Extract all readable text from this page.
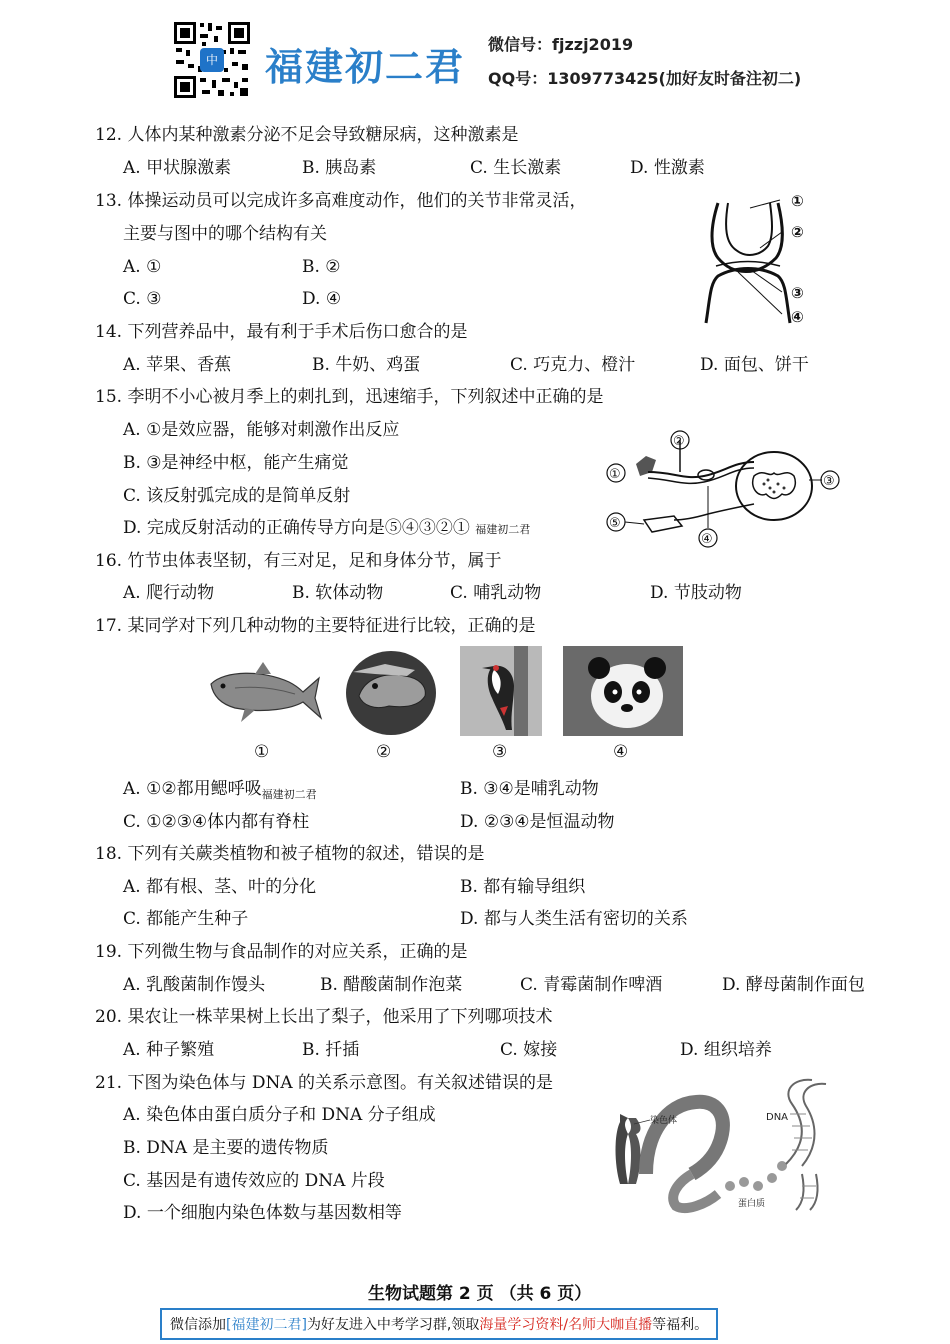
中 福建初二君
微信号：fjzzj2019
QQ号：1309773425(加好友时备注初二)
12. 人体内某种激素分泌不足会导致糖尿病，这种激素是
A. 甲状腺激素	B. 胰岛素	C. 生长激素	D. 性激素
13. 体操运动员可以完成许多高难度动作，他们的关节非常灵活，
主要与图中的哪个结构有关
A. ①	B. ②
C. ③	D. ④
①
②
③
④
14. 下列营养品中，最有利于手术后伤口愈合的是
A. 苹果、香蕉	B. 牛奶、鸡蛋	C. 巧克力、橙汁	D. 面包、饼干
15. 李明不小心被月季上的刺扎到，迅速缩手，下列叙述中正确的是
A. ①是效应器，能够对刺激作出反应
B. ③是神经中枢，能产生痛觉
C. 该反射弧完成的是简单反射
D. 完成反射活动的正确传导方向是⑤④③②① 福建初二君
①
②
③
④
⑤
16. 竹节虫体表坚韧，有三对足，足和身体分节，属于
A. 爬行动物	B. 软体动物	C. 哺乳动物	D. 节肢动物
17. 某同学对下列几种动物的主要特征进行比较，正确的是
①	②	③	④
A. ①②都用鳃呼吸$_{福建初二君}$	B. ③④是哺乳动物
C. ①②③④体内都有脊柱	D. ②③④是恒温动物
18. 下列有关蕨类植物和被子植物的叙述，错误的是
A. 都有根、茎、叶的分化	B. 都有输导组织
C. 都能产生种子	D. 都与人类生活有密切的关系
19. 下列微生物与食品制作的对应关系，正确的是
A. 乳酸菌制作馒头	B. 醋酸菌制作泡菜	C. 青霉菌制作啤酒	D. 酵母菌制作面包
20. 果农让一株苹果树上长出了梨子，他采用了下列哪项技术
A. 种子繁殖	B. 扦插	C. 嫁接	D. 组织培养
21. 下图为染色体与 DNA 的关系示意图。有关叙述错误的是
A. 染色体由蛋白质分子和 DNA 分子组成
B. DNA 是主要的遗传物质
C. 基因是有遗传效应的 DNA 片段
D. 一个细胞内染色体数与基因数相等
染色体	DNA
蛋白质
生物试题第 2 页 （共 6 页）
微信添加[福建初二君]为好友进入中考学习群,领取海量学习资料/名师大咖直播等福利。
